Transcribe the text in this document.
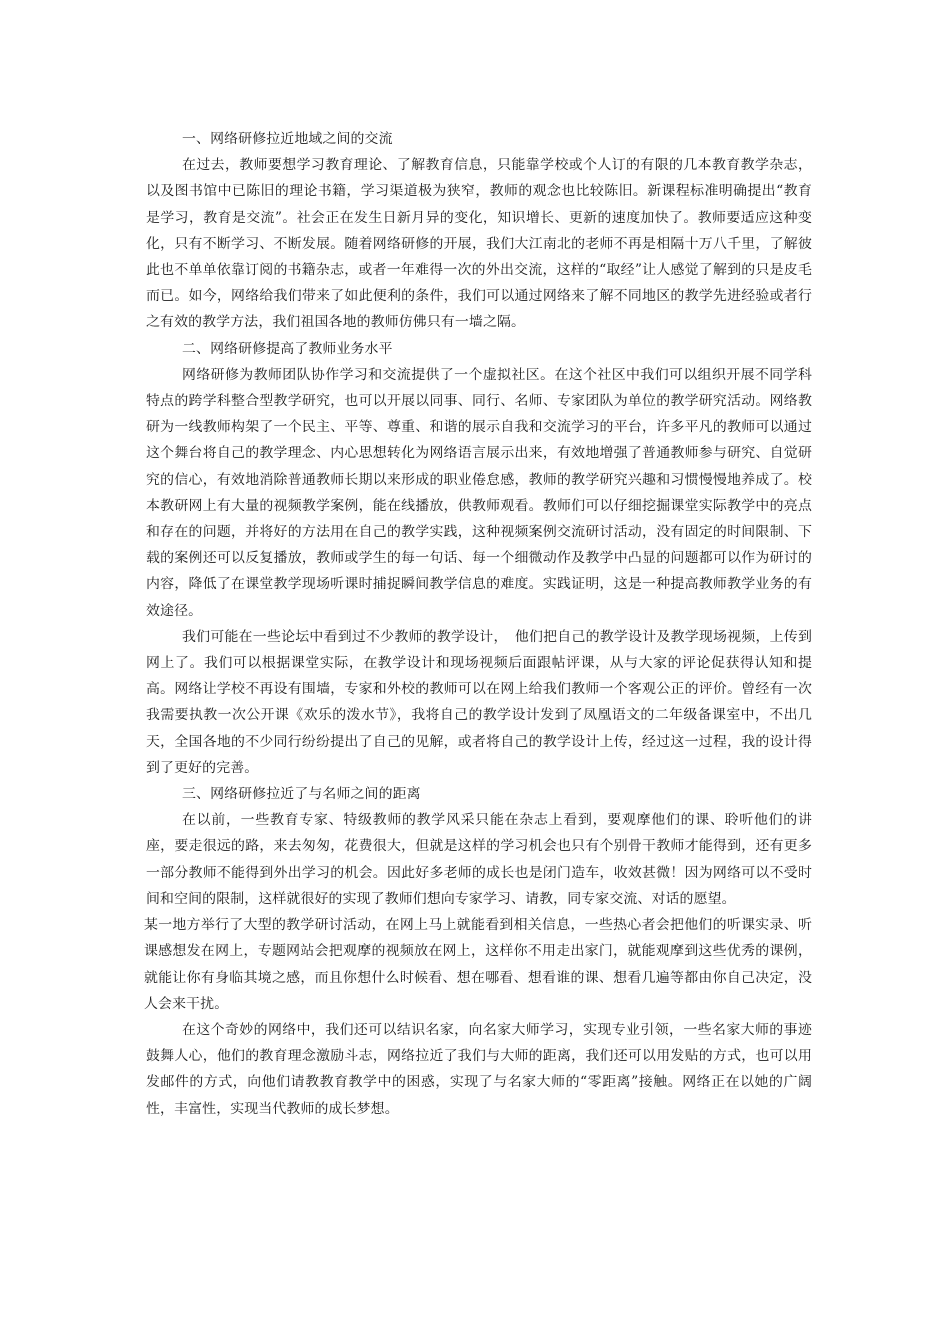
一、网络研修拉近地域之间的交流

在过去，教师要想学习教育理论、了解教育信息，只能靠学校或个人订的有限的几本教育教学杂志，以及图书馆中已陈旧的理论书籍，学习渠道极为狭窄，教师的观念也比较陈旧。新课程标准明确提出“教育是学习，教育是交流”。社会正在发生日新月异的变化，知识增长、更新的速度加快了。教师要适应这种变化，只有不断学习、不断发展。随着网络研修的开展，我们大江南北的老师不再是相隔十万八千里，了解彼此也不单单依靠订阅的书籍杂志，或者一年难得一次的外出交流，这样的“取经”让人感觉了解到的只是皮毛而已。如今，网络给我们带来了如此便利的条件，我们可以通过网络来了解不同地区的教学先进经验或者行之有效的教学方法，我们祖国各地的教师仿佛只有一墙之隔。

二、网络研修提高了教师业务水平

网络研修为教师团队协作学习和交流提供了一个虚拟社区。在这个社区中我们可以组织开展不同学科特点的跨学科整合型教学研究，也可以开展以同事、同行、名师、专家团队为单位的教学研究活动。网络教研为一线教师构架了一个民主、平等、尊重、和谐的展示自我和交流学习的平台，许多平凡的教师可以通过这个舞台将自己的教学理念、内心思想转化为网络语言展示出来，有效地增强了普通教师参与研究、自觉研究的信心，有效地消除普通教师长期以来形成的职业倦怠感，教师的教学研究兴趣和习惯慢慢地养成了。校本教研网上有大量的视频教学案例，能在线播放，供教师观看。教师们可以仔细挖掘课堂实际教学中的亮点和存在的问题，并将好的方法用在自己的教学实践，这种视频案例交流研讨活动，没有固定的时间限制、下载的案例还可以反复播放，教师或学生的每一句话、每一个细微动作及教学中凸显的问题都可以作为研讨的内容，降低了在课堂教学现场听课时捕捉瞬间教学信息的难度。实践证明，这是一种提高教师教学业务的有效途径。

我们可能在一些论坛中看到过不少教师的教学设计，　他们把自己的教学设计及教学现场视频，上传到网上了。我们可以根据课堂实际，在教学设计和现场视频后面跟帖评课，从与大家的评论促获得认知和提高。网络让学校不再设有围墙，专家和外校的教师可以在网上给我们教师一个客观公正的评价。曾经有一次我需要执教一次公开课《欢乐的泼水节》，我将自己的教学设计发到了凤凰语文的二年级备课室中，不出几天，全国各地的不少同行纷纷提出了自己的见解，或者将自己的教学设计上传，经过这一过程，我的设计得到了更好的完善。

三、网络研修拉近了与名师之间的距离

在以前，一些教育专家、特级教师的教学风采只能在杂志上看到，要观摩他们的课、聆听他们的讲座，要走很远的路，来去匆匆，花费很大，但就是这样的学习机会也只有个别骨干教师才能得到，还有更多一部分教师不能得到外出学习的机会。因此好多老师的成长也是闭门造车，收效甚微！因为网络可以不受时间和空间的限制，这样就很好的实现了教师们想向专家学习、请教，同专家交流、对话的愿望。

某一地方举行了大型的教学研讨活动，在网上马上就能看到相关信息，一些热心者会把他们的听课实录、听课感想发在网上，专题网站会把观摩的视频放在网上，这样你不用走出家门，就能观摩到这些优秀的课例，就能让你有身临其境之感，而且你想什么时候看、想在哪看、想看谁的课、想看几遍等都由你自己决定，没人会来干扰。

在这个奇妙的网络中，我们还可以结识名家，向名家大师学习，实现专业引领，一些名家大师的事迹鼓舞人心，他们的教育理念激励斗志，网络拉近了我们与大师的距离，我们还可以用发贴的方式，也可以用发邮件的方式，向他们请教教育教学中的困惑，实现了与名家大师的“零距离”接触。网络正在以她的广阔性，丰富性，实现当代教师的成长梦想。
